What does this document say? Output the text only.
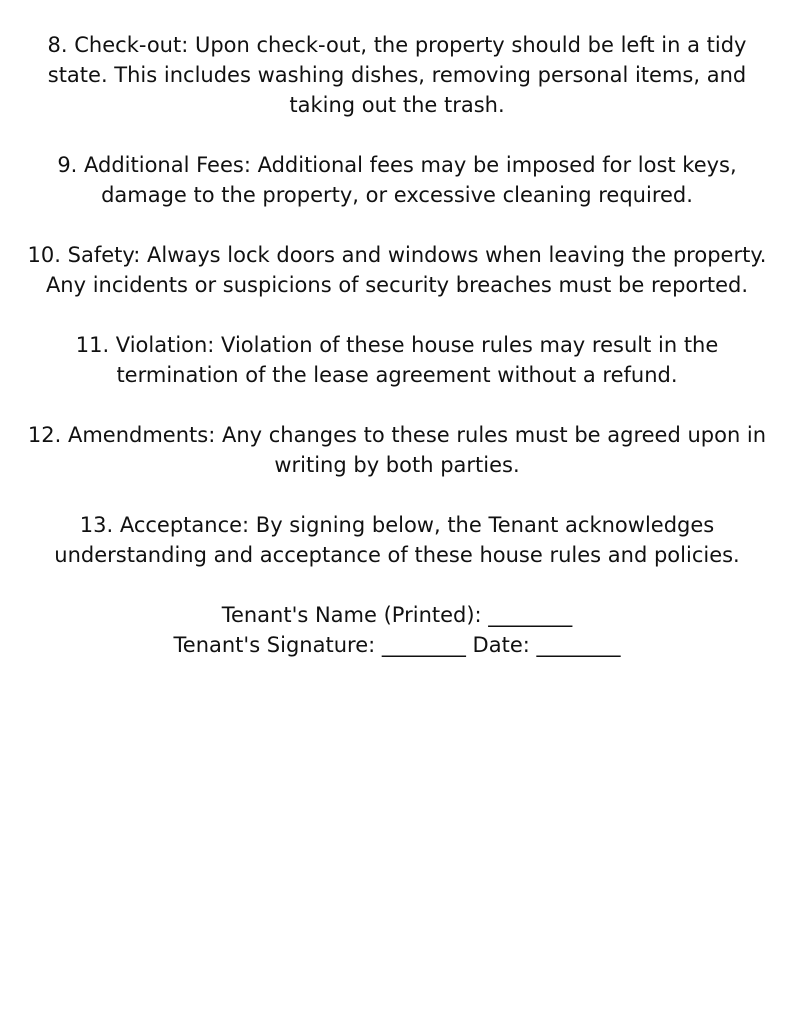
8. Check-out: Upon check-out, the property should be left in a tidy
state. This includes washing dishes, removing personal items, and
taking out the trash.
9. Additional Fees: Additional fees may be imposed for lost keys,
damage to the property, or excessive cleaning required.
10. Safety: Always lock doors and windows when leaving the property.
Any incidents or suspicions of security breaches must be reported.
11. Violation: Violation of these house rules may result in the
termination of the lease agreement without a refund.
12. Amendments: Any changes to these rules must be agreed upon in
writing by both parties.
13. Acceptance: By signing below, the Tenant acknowledges
understanding and acceptance of these house rules and policies.
Tenant's Name (Printed): ________
Tenant's Signature: ________ Date: ________
